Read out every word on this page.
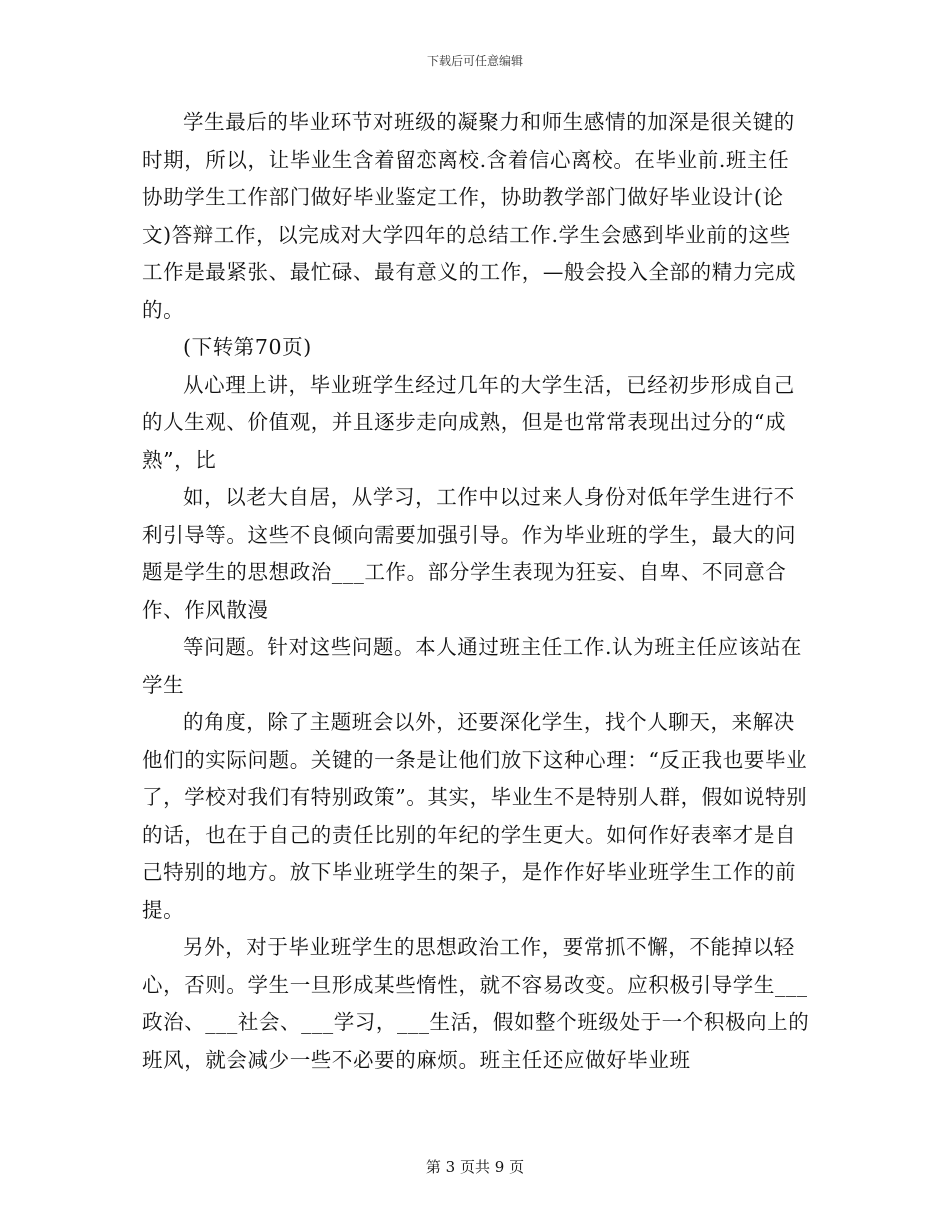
下载后可任意编辑

学生最后的毕业环节对班级的凝聚力和师生感情的加深是很关键的时期，所以，让毕业生含着留恋离校.含着信心离校。在毕业前.班主任协助学生工作部门做好毕业鉴定工作，协助教学部门做好毕业设计(论文)答辩工作，以完成对大学四年的总结工作.学生会感到毕业前的这些工作是最紧张、最忙碌、最有意义的工作，—般会投入全部的精力完成的。

(下转第70页)

从心理上讲，毕业班学生经过几年的大学生活，已经初步形成自己的人生观、价值观，并且逐步走向成熟，但是也常常表现出过分的“成熟”，比

如，以老大自居，从学习，工作中以过来人身份对低年学生进行不利引导等。这些不良倾向需要加强引导。作为毕业班的学生，最大的问题是学生的思想政治___工作。部分学生表现为狂妄、自卑、不同意合作、作风散漫

等问题。针对这些问题。本人通过班主任工作.认为班主任应该站在学生

的角度，除了主题班会以外，还要深化学生，找个人聊天，来解决他们的实际问题。关键的一条是让他们放下这种心理：“反正我也要毕业了，学校对我们有特别政策”。其实，毕业生不是特别人群，假如说特别的话，也在于自己的责任比别的年纪的学生更大。如何作好表率才是自己特别的地方。放下毕业班学生的架子，是作作好毕业班学生工作的前提。

另外，对于毕业班学生的思想政治工作，要常抓不懈，不能掉以轻心，否则。学生一旦形成某些惰性，就不容易改变。应积极引导学生___政治、___社会、___学习，___生活，假如整个班级处于一个积极向上的班风，就会减少一些不必要的麻烦。班主任还应做好毕业班

第 3 页共 9 页
